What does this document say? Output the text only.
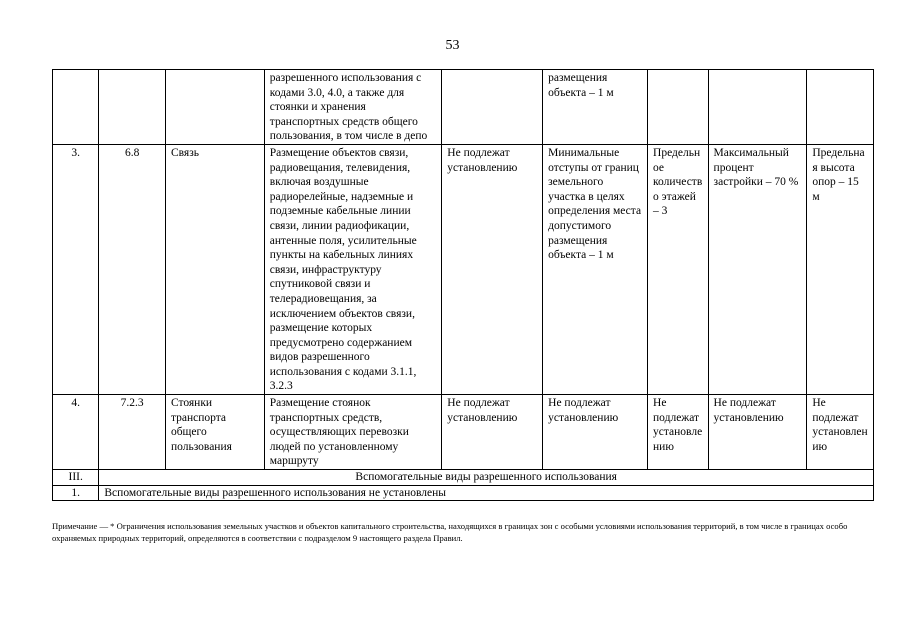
53
			разрешенного использования с кодами 3.0, 4.0, а также для стоянки и хранения транспортных средств общего пользования, в том числе в депо		размещения объекта – 1 м			
3.	6.8	Связь	Размещение объектов связи, радиовещания, телевидения, включая воздушные радиорелейные, надземные и подземные кабельные линии связи, линии радиофикации, антенные поля, усилительные пункты на кабельных линиях связи, инфраструктуру спутниковой связи и телерадиовещания, за исключением объектов связи, размещение которых предусмотрено содержанием видов разрешенного использования с кодами 3.1.1, 3.2.3	Не подлежат установлению	Минимальные отступы от границ земельного участка в целях определения места допустимого размещения объекта – 1 м	Предельное количество этажей – 3	Максимальный процент застройки – 70 %	Предельная высота опор – 15 м
4.	7.2.3	Стоянки транспорта общего пользования	Размещение стоянок транспортных средств, осуществляющих перевозки людей по установленному маршруту	Не подлежат установлению	Не подлежат установлению	Не подлежат установлению	Не подлежат установлению	Не подлежат установлению
III.	Вспомогательные виды разрешенного использования							
1.	Вспомогательные виды разрешенного использования не установлены							
Примечание — * Ограничения использования земельных участков и объектов капитального строительства, находящихся в границах зон с особыми условиями использования территорий, в том числе в границах особо охраняемых природных территорий, определяются в соответствии с подразделом 9 настоящего раздела Правил.
